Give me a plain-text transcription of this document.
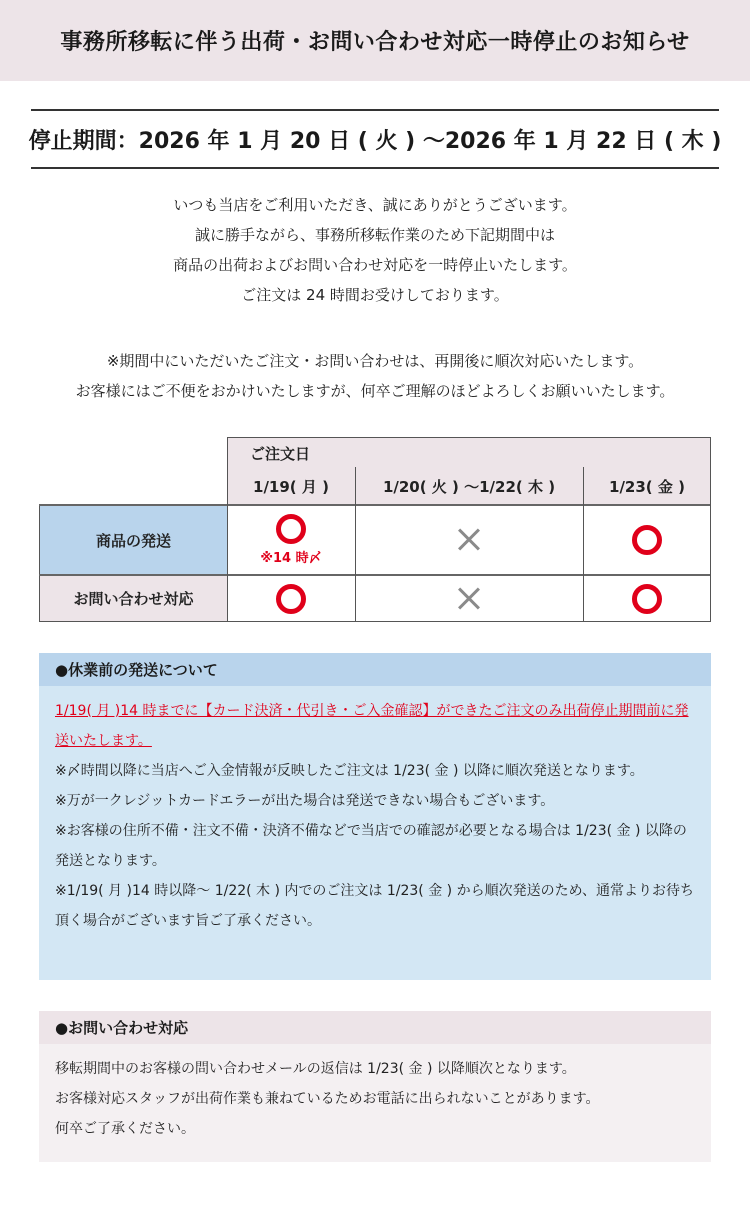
事務所移転に伴う出荷・お問い合わせ対応一時停止のお知らせ
停止期間：2026 年 1 月 20 日 ( 火 ) 〜2026 年 1 月 22 日 ( 木 )

いつも当店をご利用いただき、誠にありがとうございます。

誠に勝手ながら、事務所移転作業のため下記期間中は

商品の出荷およびお問い合わせ対応を一時停止いたします。

ご注文は 24 時間お受けしております。

※期間中にいただいたご注文・お問い合わせは、再開後に順次対応いたします。

お客様にはご不便をおかけいたしますが、何卒ご理解のほどよろしくお願いいたします。

ご注文日
1/19( 月 )	1/20( 火 ) 〜1/22( 木 )	1/23( 金 )
商品の発送
お問い合わせ対応
※14 時〆
●休業前の発送について

1/19( 月 )14 時までに【カード決済・代引き・ご入金確認】ができたご注文のみ出荷停止期間前に発送いたします。

※〆時間以降に当店へご入金情報が反映したご注文は 1/23( 金 ) 以降に順次発送となります。

※万が一クレジットカードエラーが出た場合は発送できない場合もございます。

※お客様の住所不備・注文不備・決済不備などで当店での確認が必要となる場合は 1/23( 金 ) 以降の発送となります。

※1/19( 月 )14 時以降〜 1/22( 木 ) 内でのご注文は 1/23( 金 ) から順次発送のため、通常よりお待ち頂く場合がございます旨ご了承ください。

●お問い合わせ対応

移転期間中のお客様の問い合わせメールの返信は 1/23( 金 ) 以降順次となります。

お客様対応スタッフが出荷作業も兼ねているためお電話に出られないことがあります。

何卒ご了承ください。
